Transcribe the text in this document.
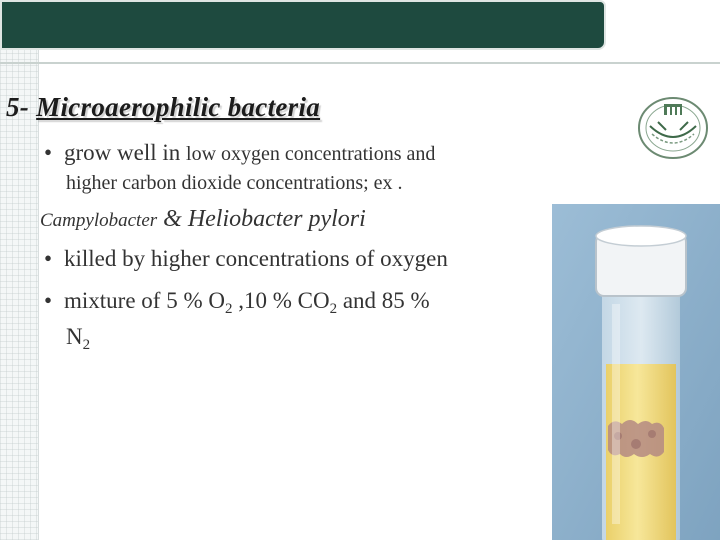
5- Microaerophilic bacteria
• grow well in low oxygen concentrations and
higher carbon dioxide concentrations; ex .
Campylobacter & Heliobacter pylori
• killed by higher concentrations of oxygen
• mixture of 5 % $O_2$ ,10 % $CO_2$ and 85 %
$N_2$
